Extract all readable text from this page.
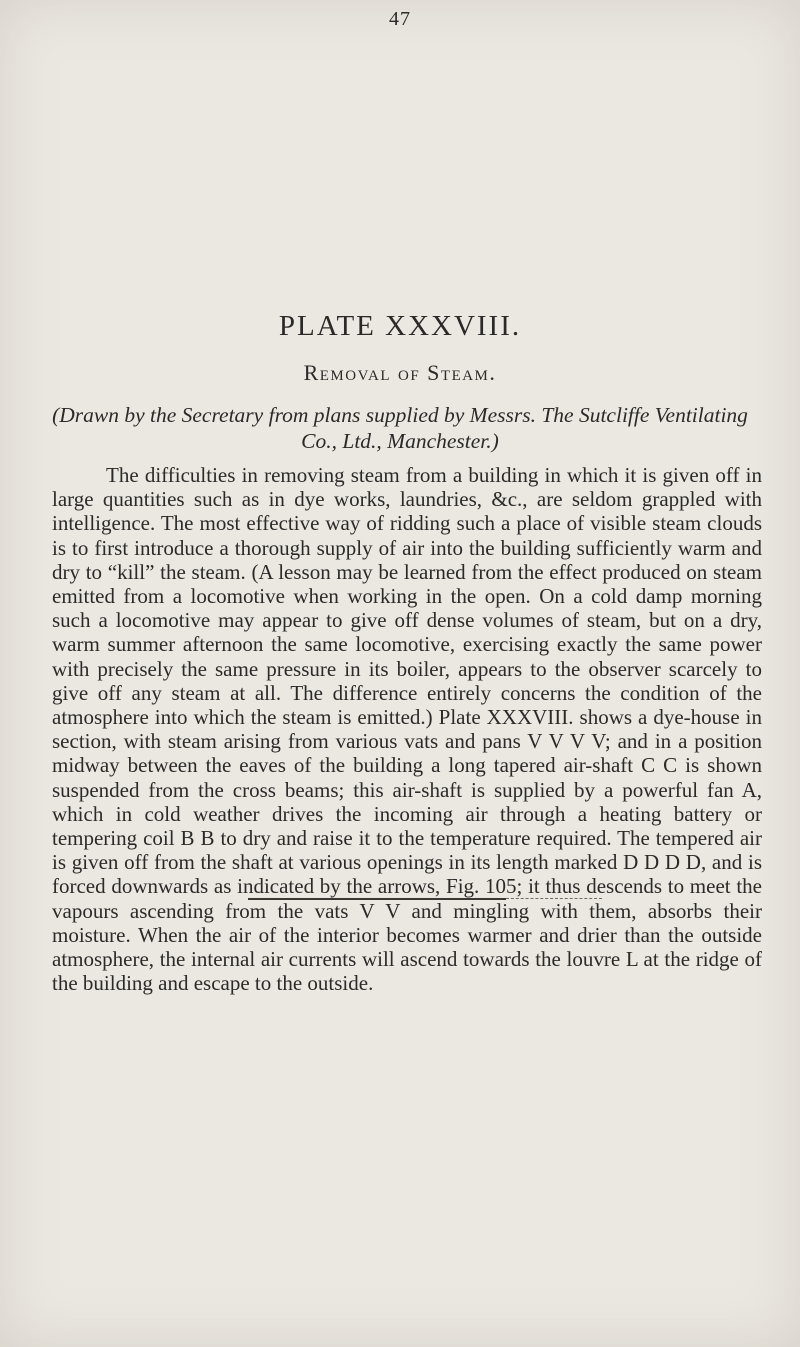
47
PLATE XXXVIII.
Removal of Steam.
(Drawn by the Secretary from plans supplied by Messrs. The Sutcliffe Ventilating Co., Ltd., Manchester.)

The difficulties in removing steam from a building in which it is given off in large quantities such as in dye works, laundries, &c., are seldom grappled with intelligence. The most effective way of ridding such a place of visible steam clouds is to first introduce a thorough supply of air into the building sufficiently warm and dry to “kill” the steam. (A lesson may be learned from the effect produced on steam emitted from a locomotive when working in the open. On a cold damp morning such a locomotive may appear to give off dense volumes of steam, but on a dry, warm summer afternoon the same locomotive, exercising exactly the same power with precisely the same pressure in its boiler, appears to the observer scarcely to give off any steam at all. The difference entirely concerns the condition of the atmosphere into which the steam is emitted.) Plate XXXVIII. shows a dye-house in section, with steam arising from various vats and pans V V V V; and in a position midway between the eaves of the building a long tapered air-shaft C C is shown suspended from the cross beams; this air-shaft is supplied by a powerful fan A, which in cold weather drives the incoming air through a heating battery or tempering coil B B to dry and raise it to the temperature required. The tempered air is given off from the shaft at various openings in its length marked D D D D, and is forced downwards as indicated by the arrows, Fig. 105; it thus descends to meet the vapours ascending from the vats V V and mingling with them, absorbs their moisture. When the air of the interior becomes warmer and drier than the outside atmosphere, the internal air currents will ascend towards the louvre L at the ridge of the building and escape to the outside.
